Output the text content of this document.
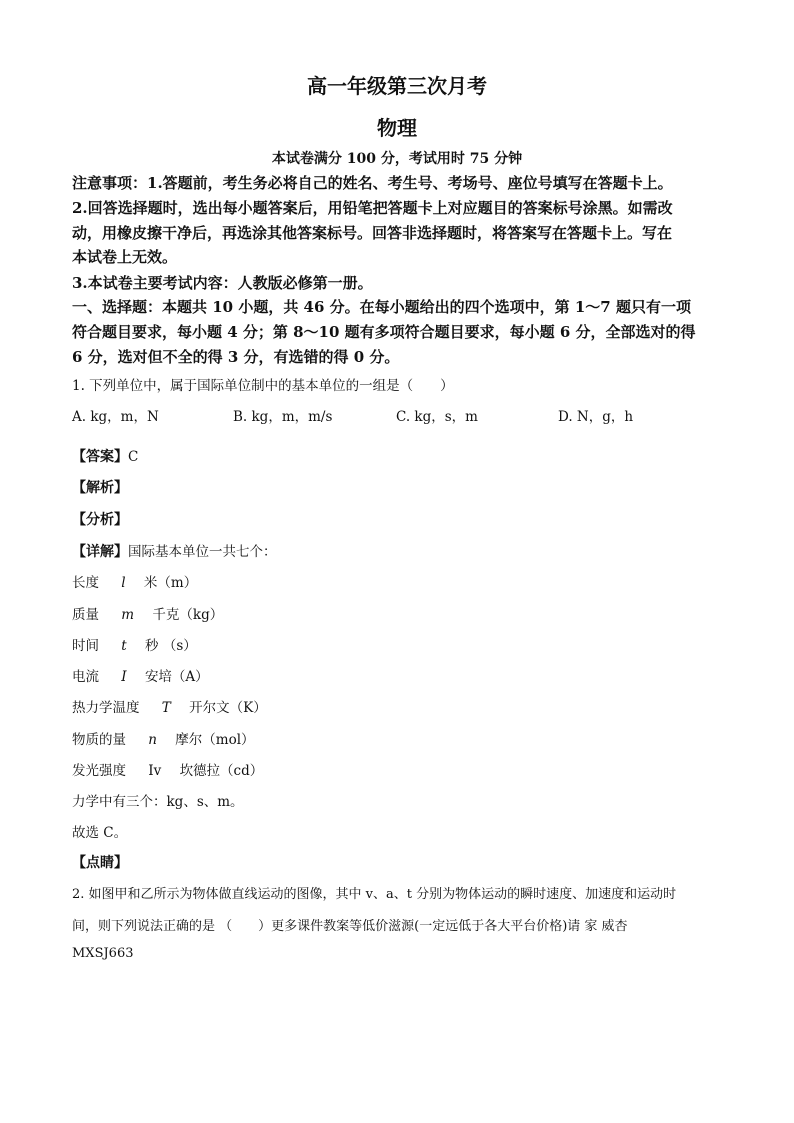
高一年级第三次月考
物理
本试卷满分 100 分，考试用时 75 分钟
注意事项：1.答题前，考生务必将自己的姓名、考生号、考场号、座位号填写在答题卡上。
2.回答选择题时，选出每小题答案后，用铅笔把答题卡上对应题目的答案标号涂黑。如需改
动，用橡皮擦干净后，再选涂其他答案标号。回答非选择题时，将答案写在答题卡上。写在
本试卷上无效。
3.本试卷主要考试内容：人教版必修第一册。
一、选择题：本题共 10 小题，共 46 分。在每小题给出的四个选项中，第 1～7 题只有一项
符合题目要求，每小题 4 分；第 8～10 题有多项符合题目要求，每小题 6 分，全部选对的得
6 分，选对但不全的得 3 分，有选错的得 0 分。
1. 下列单位中，属于国际单位制中的基本单位的一组是（　　）
A. kg，m，N	B. kg，m，m/s	C. kg，s，m	D. N，g，h
【答案】C
【解析】
【分析】
【详解】国际基本单位一共七个：
长度 l 米（m）
质量 m 千克（kg）
时间 t 秒 （s）
电流 I 安培（A）
热力学温度 T 开尔文（K）
物质的量 n 摩尔（mol）
发光强度 Iv 坎德拉（cd）
力学中有三个：kg、s、m。
故选 C。
【点睛】
2. 如图甲和乙所示为物体做直线运动的图像，其中 v、a、t 分别为物体运动的瞬时速度、加速度和运动时
间，则下列说法正确的是 （　　）更多课件教案等低价滋源(一定远低于各大平台价格)请 家 威杏
MXSJ663
